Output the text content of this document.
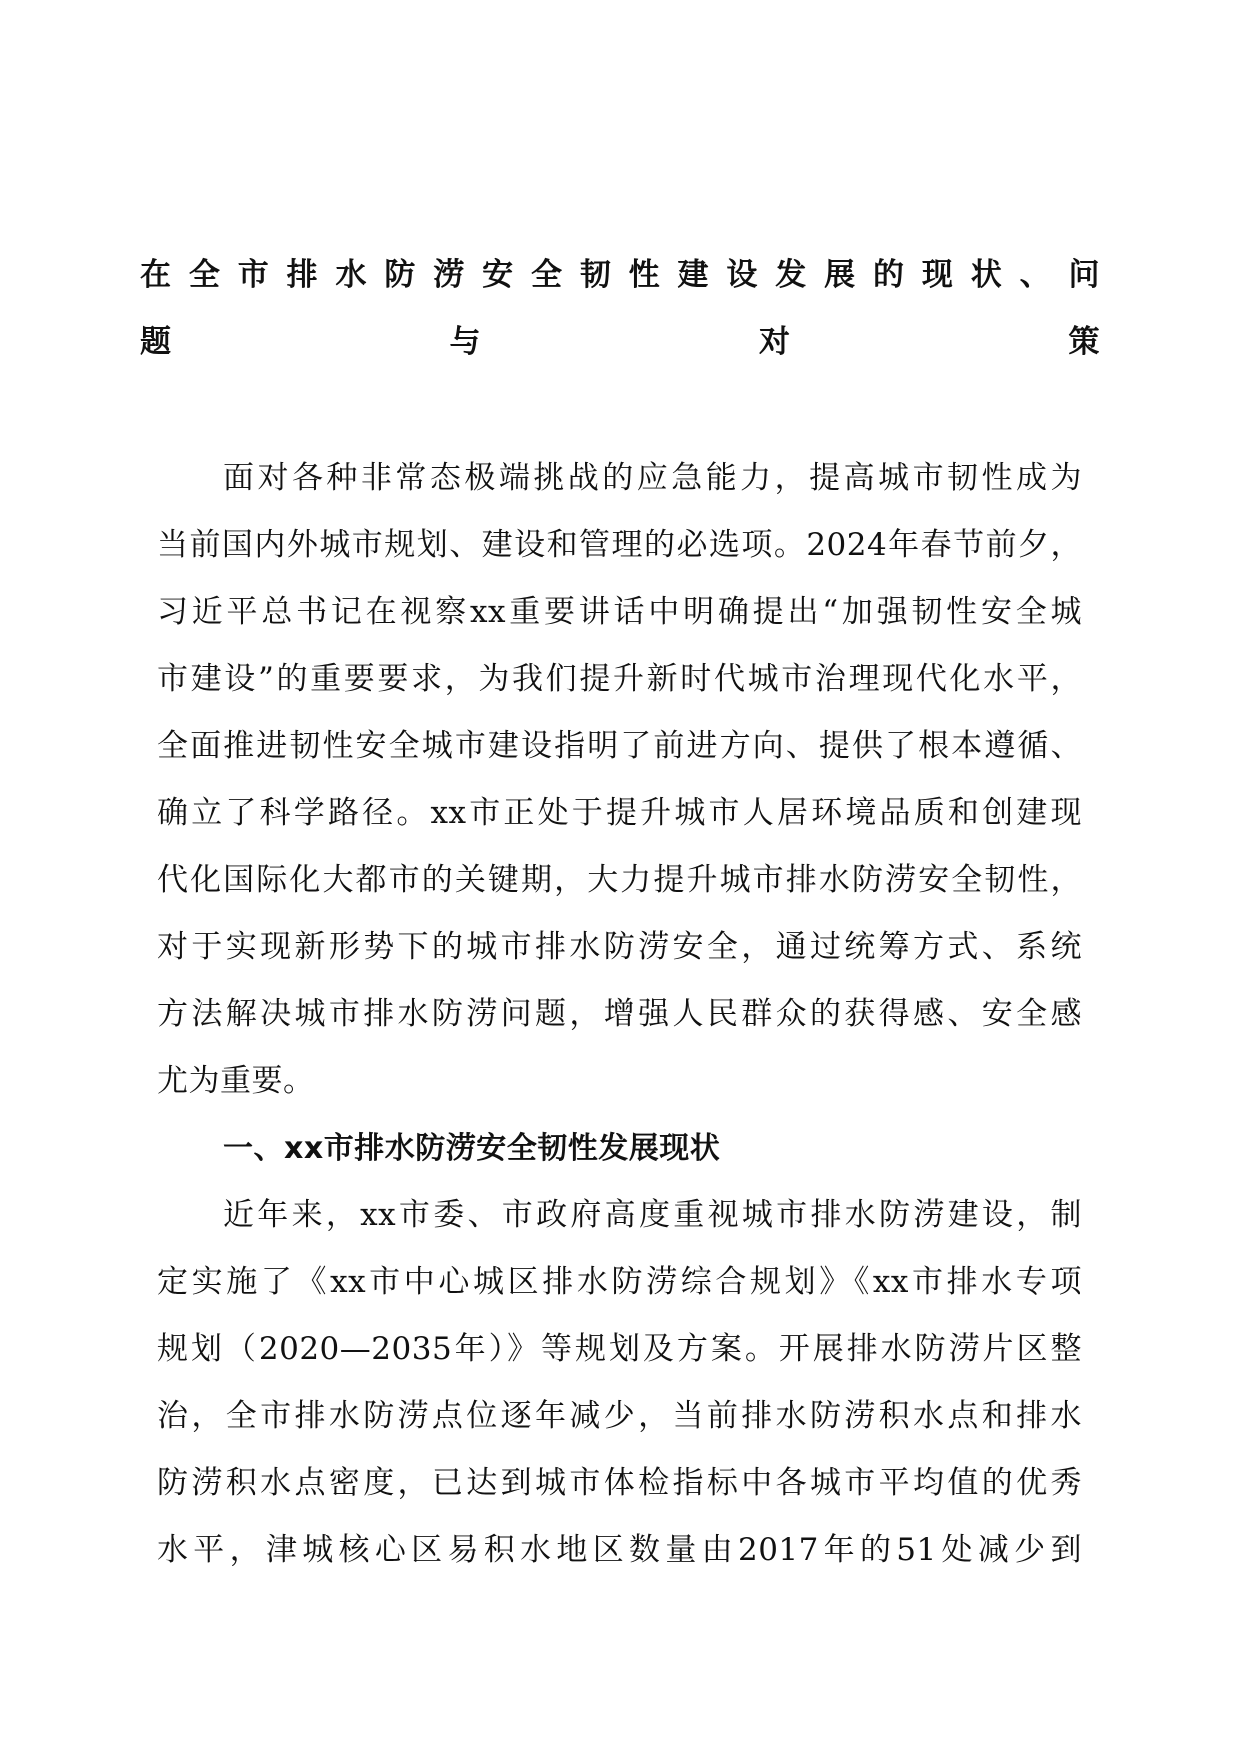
在全市排水防涝安全韧性建设发展的现状、问
题与对策
面对各种非常态极端挑战的应急能力，提高城市韧性成为
当前国内外城市规划、建设和管理的必选项。2024年春节前夕，
习近平总书记在视察xx重要讲话中明确提出“加强韧性安全城
市建设”的重要要求，为我们提升新时代城市治理现代化水平，
全面推进韧性安全城市建设指明了前进方向、提供了根本遵循、
确立了科学路径。xx市正处于提升城市人居环境品质和创建现
代化国际化大都市的关键期，大力提升城市排水防涝安全韧性，
对于实现新形势下的城市排水防涝安全，通过统筹方式、系统
方法解决城市排水防涝问题，增强人民群众的获得感、安全感
尤为重要。
一、xx市排水防涝安全韧性发展现状
近年来，xx市委、市政府高度重视城市排水防涝建设，制
定实施了《xx市中心城区排水防涝综合规划》《xx市排水专项
规划（2020—2035年）》等规划及方案。开展排水防涝片区整
治，全市排水防涝点位逐年减少，当前排水防涝积水点和排水
防涝积水点密度，已达到城市体检指标中各城市平均值的优秀
水平，津城核心区易积水地区数量由2017年的51处减少到
